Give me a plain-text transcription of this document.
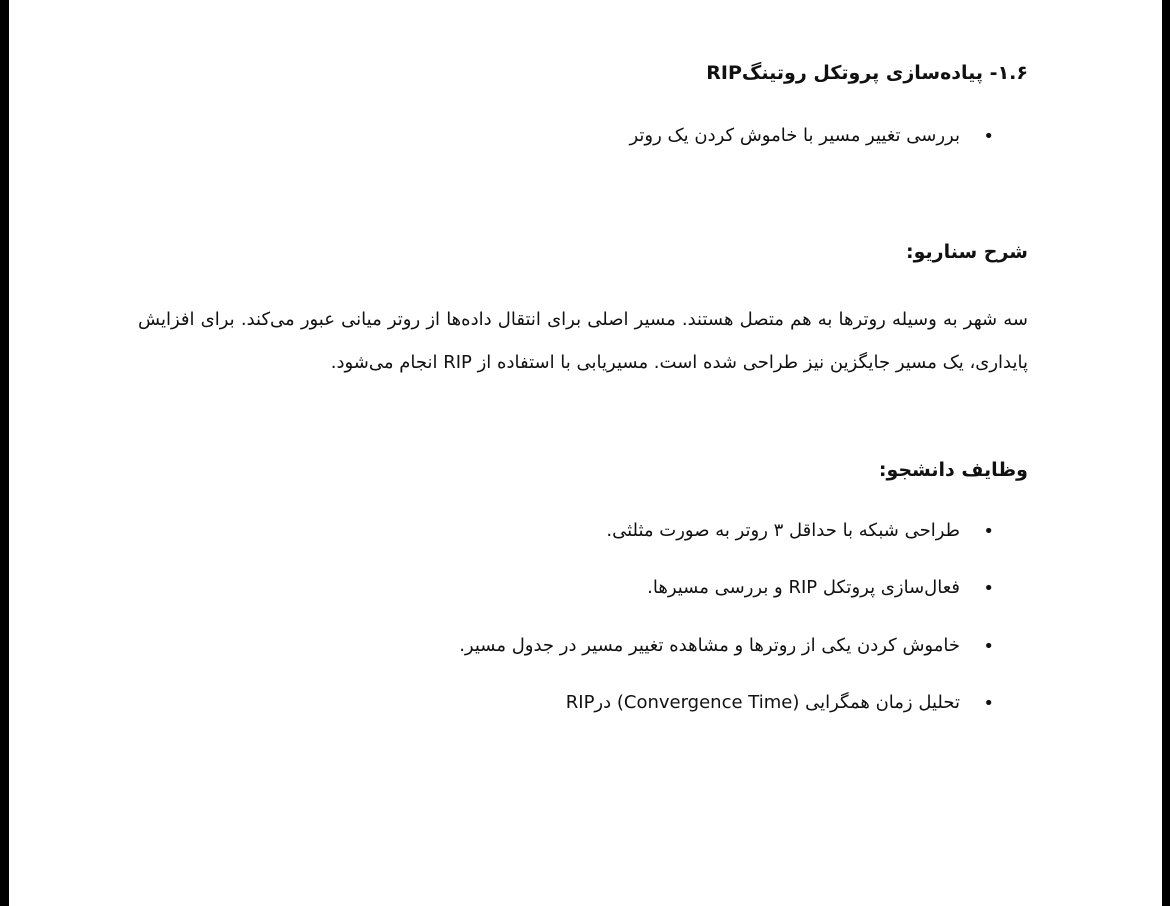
۱.۶- پیاده‌سازی پروتکل روتینگRIP
•
بررسی تغییر مسیر با خاموش کردن یک روتر
شرح سناریو:
سه شهر به وسیله روترها به هم متصل هستند. مسیر اصلی برای انتقال داده‌ها از روتر میانی عبور می‌کند. برای افزایش پایداری، یک مسیر جایگزین نیز طراحی شده است. مسیریابی با استفاده از RIP انجام می‌شود.
وظایف دانشجو:
•
طراحی شبکه با حداقل ۳ روتر به صورت مثلثی.
•
فعال‌سازی پروتکل RIP و بررسی مسیرها.
•
خاموش کردن یکی از روترها و مشاهده تغییر مسیر در جدول مسیر.
•
تحلیل زمان همگرایی (Convergence Time) درRIP
